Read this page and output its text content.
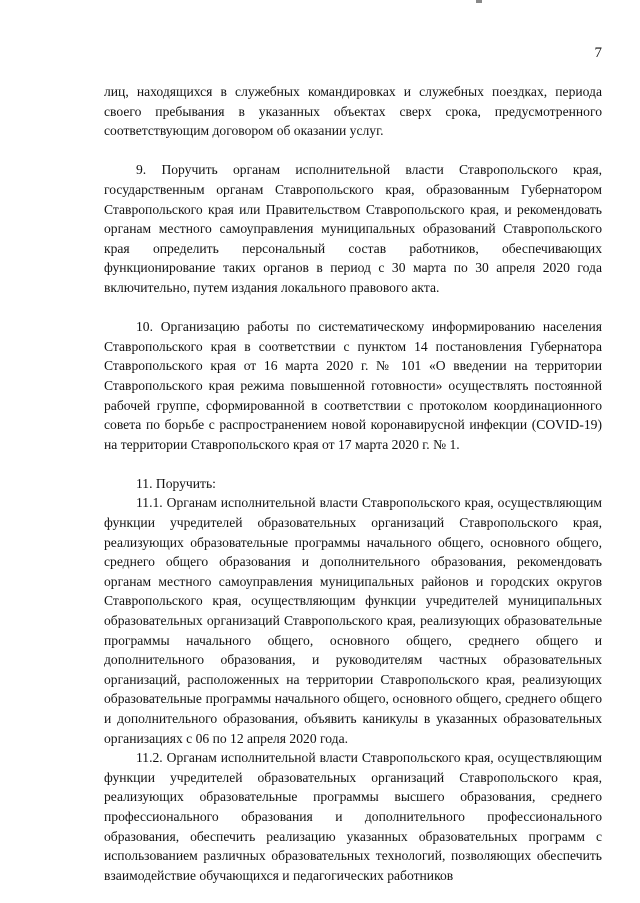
7

лиц, находящихся в служебных командировках и служебных поездках, периода своего пребывания в указанных объектах сверх срока, предусмотренного соответствующим договором об оказании услуг.

9. Поручить органам исполнительной власти Ставропольского края, государственным органам Ставропольского края, образованным Губернатором Ставропольского края или Правительством Ставропольского края, и рекомендовать органам местного самоуправления муниципальных образований Ставропольского края определить персональный состав работников, обеспечивающих функционирование таких органов в период с 30 марта по 30 апреля 2020 года включительно, путем издания локального правового акта.

10. Организацию работы по систематическому информированию населения Ставропольского края в соответствии с пунктом 14 постановления Губернатора Ставропольского края от 16 марта 2020 г. № 101 «О введении на территории Ставропольского края режима повышенной готовности» осуществлять постоянной рабочей группе, сформированной в соответствии с протоколом координационного совета по борьбе с распространением новой коронавирусной инфекции (COVID-19) на территории Ставропольского края от 17 марта 2020 г. № 1.

11. Поручить:

11.1. Органам исполнительной власти Ставропольского края, осуществляющим функции учредителей образовательных организаций Ставропольского края, реализующих образовательные программы начального общего, основного общего, среднего общего образования и дополнительного образования, рекомендовать органам местного самоуправления муниципальных районов и городских округов Ставропольского края, осуществляющим функции учредителей муниципальных образовательных организаций Ставропольского края, реализующих образовательные программы начального общего, основного общего, среднего общего и дополнительного образования, и руководителям частных образовательных организаций, расположенных на территории Ставропольского края, реализующих образовательные программы начального общего, основного общего, среднего общего и дополнительного образования, объявить каникулы в указанных образовательных организациях с 06 по 12 апреля 2020 года.

11.2. Органам исполнительной власти Ставропольского края, осуществляющим функции учредителей образовательных организаций Ставропольского края, реализующих образовательные программы высшего образования, среднего профессионального образования и дополнительного профессионального образования, обеспечить реализацию указанных образовательных программ с использованием различных образовательных технологий, позволяющих обеспечить взаимодействие обучающихся и педагогических работников
